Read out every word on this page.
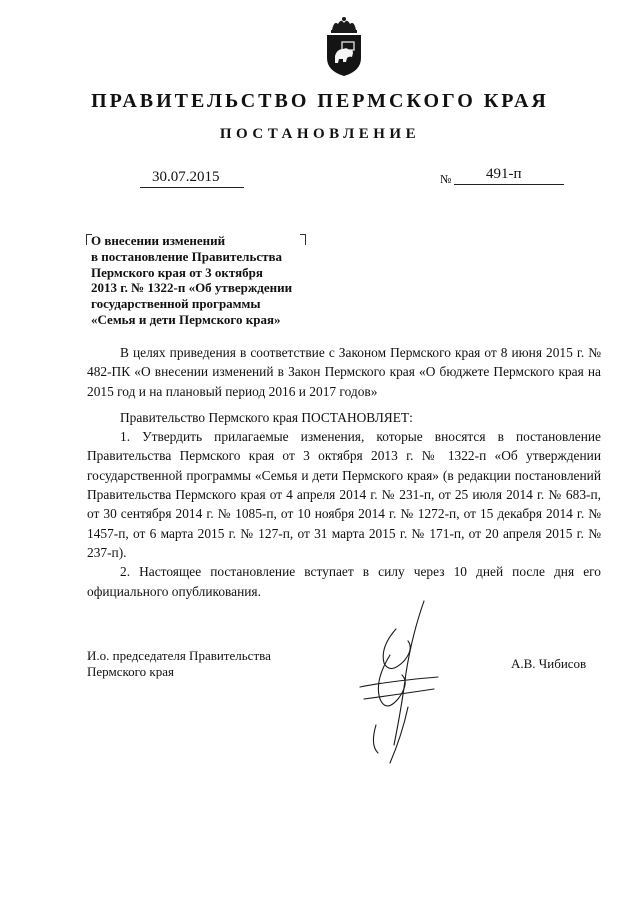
ПРАВИТЕЛЬСТВО ПЕРМСКОГО КРАЯ
ПОСТАНОВЛЕНИЕ
30.07.2015	№ 491-п
О внесении изменений
в постановление Правительства
Пермского края от 3 октября
2013 г. № 1322-п «Об утверждении
государственной программы
«Семья и дети Пермского края»

В целях приведения в соответствие с Законом Пермского края от 8 июня 2015 г. № 482-ПК «О внесении изменений в Закон Пермского края «О бюджете Пермского края на 2015 год и на плановый период 2016 и 2017 годов»

Правительство Пермского края ПОСТАНОВЛЯЕТ:

1. Утвердить прилагаемые изменения, которые вносятся в постановление Правительства Пермского края от 3 октября 2013 г. № 1322-п «Об утверждении государственной программы «Семья и дети Пермского края» (в редакции постановлений Правительства Пермского края от 4 апреля 2014 г. № 231-п, от 25 июля 2014 г. № 683-п, от 30 сентября 2014 г. № 1085-п, от 10 ноября 2014 г. № 1272-п, от 15 декабря 2014 г. № 1457-п, от 6 марта 2015 г. № 127-п, от 31 марта 2015 г. № 171-п, от 20 апреля 2015 г. № 237-п).

2. Настоящее постановление вступает в силу через 10 дней после дня его официального опубликования.

И.о. председателя Правительства
Пермского края
А.В. Чибисов
